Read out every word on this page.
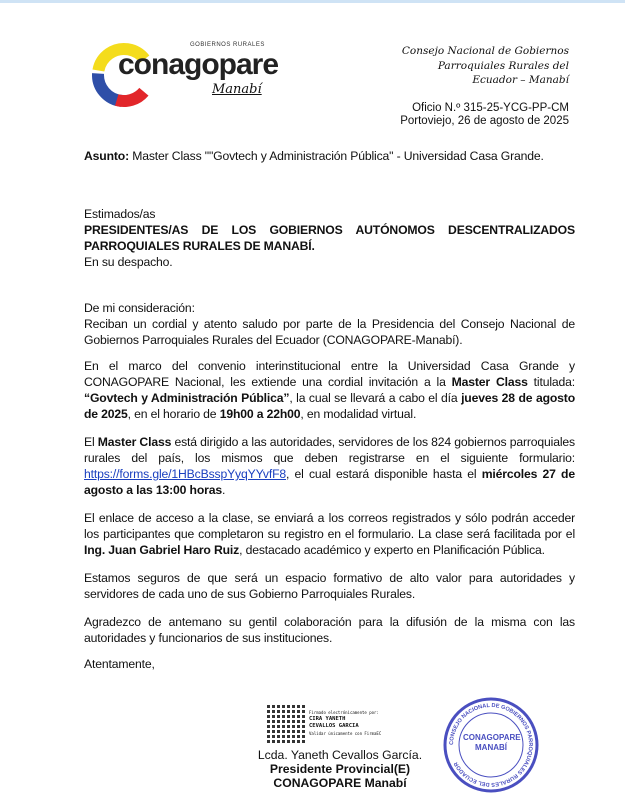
GOBIERNOS RURALES
conagopare
Manabí
Consejo Nacional de Gobiernos
Parroquiales Rurales del
Ecuador – Manabí
Oficio N.º 315-25-YCG-PP-CM
Portoviejo, 26 de agosto de 2025
Asunto: Master Class ""Govtech y Administración Pública" - Universidad Casa Grande.
Estimados/as
PRESIDENTES/AS DE LOS GOBIERNOS AUTÓNOMOS DESCENTRALIZADOS PARROQUIALES RURALES DE MANABÍ.
En su despacho.
De mi consideración:
Reciban un cordial y atento saludo por parte de la Presidencia del Consejo Nacional de Gobiernos Parroquiales Rurales del Ecuador (CONAGOPARE-Manabí).
En el marco del convenio interinstitucional entre la Universidad Casa Grande y CONAGOPARE Nacional, les extiende una cordial invitación a la Master Class titulada: “Govtech y Administración Pública”, la cual se llevará a cabo el día jueves 28 de agosto de 2025, en el horario de 19h00 a 22h00, en modalidad virtual.
El Master Class está dirigido a las autoridades, servidores de los 824 gobiernos parroquiales rurales del país, los mismos que deben registrarse en el siguiente formulario: https://forms.gle/1HBcBsspYyqYYvfF8, el cual estará disponible hasta el miércoles 27 de agosto a las 13:00 horas.
El enlace de acceso a la clase, se enviará a los correos registrados y sólo podrán acceder los participantes que completaron su registro en el formulario. La clase será facilitada por el Ing. Juan Gabriel Haro Ruiz, destacado académico y experto en Planificación Pública.
Estamos seguros de que será un espacio formativo de alto valor para autoridades y servidores de cada uno de sus Gobierno Parroquiales Rurales.
Agradezco de antemano su gentil colaboración para la difusión de la misma con las autoridades y funcionarios de sus instituciones.
Atentamente,
Firmado electrónicamente por:
CIRA YANETH
CEVALLOS GARCIA
Validar únicamente con FirmaEC
Lcda. Yaneth Cevallos García.
Presidente Provincial(E)
CONAGOPARE Manabí
CONSEJO NACIONAL DE GOBIERNOS PARROQUIALES RURALES DEL ECUADOR
CONAGOPARE MANABÍ
